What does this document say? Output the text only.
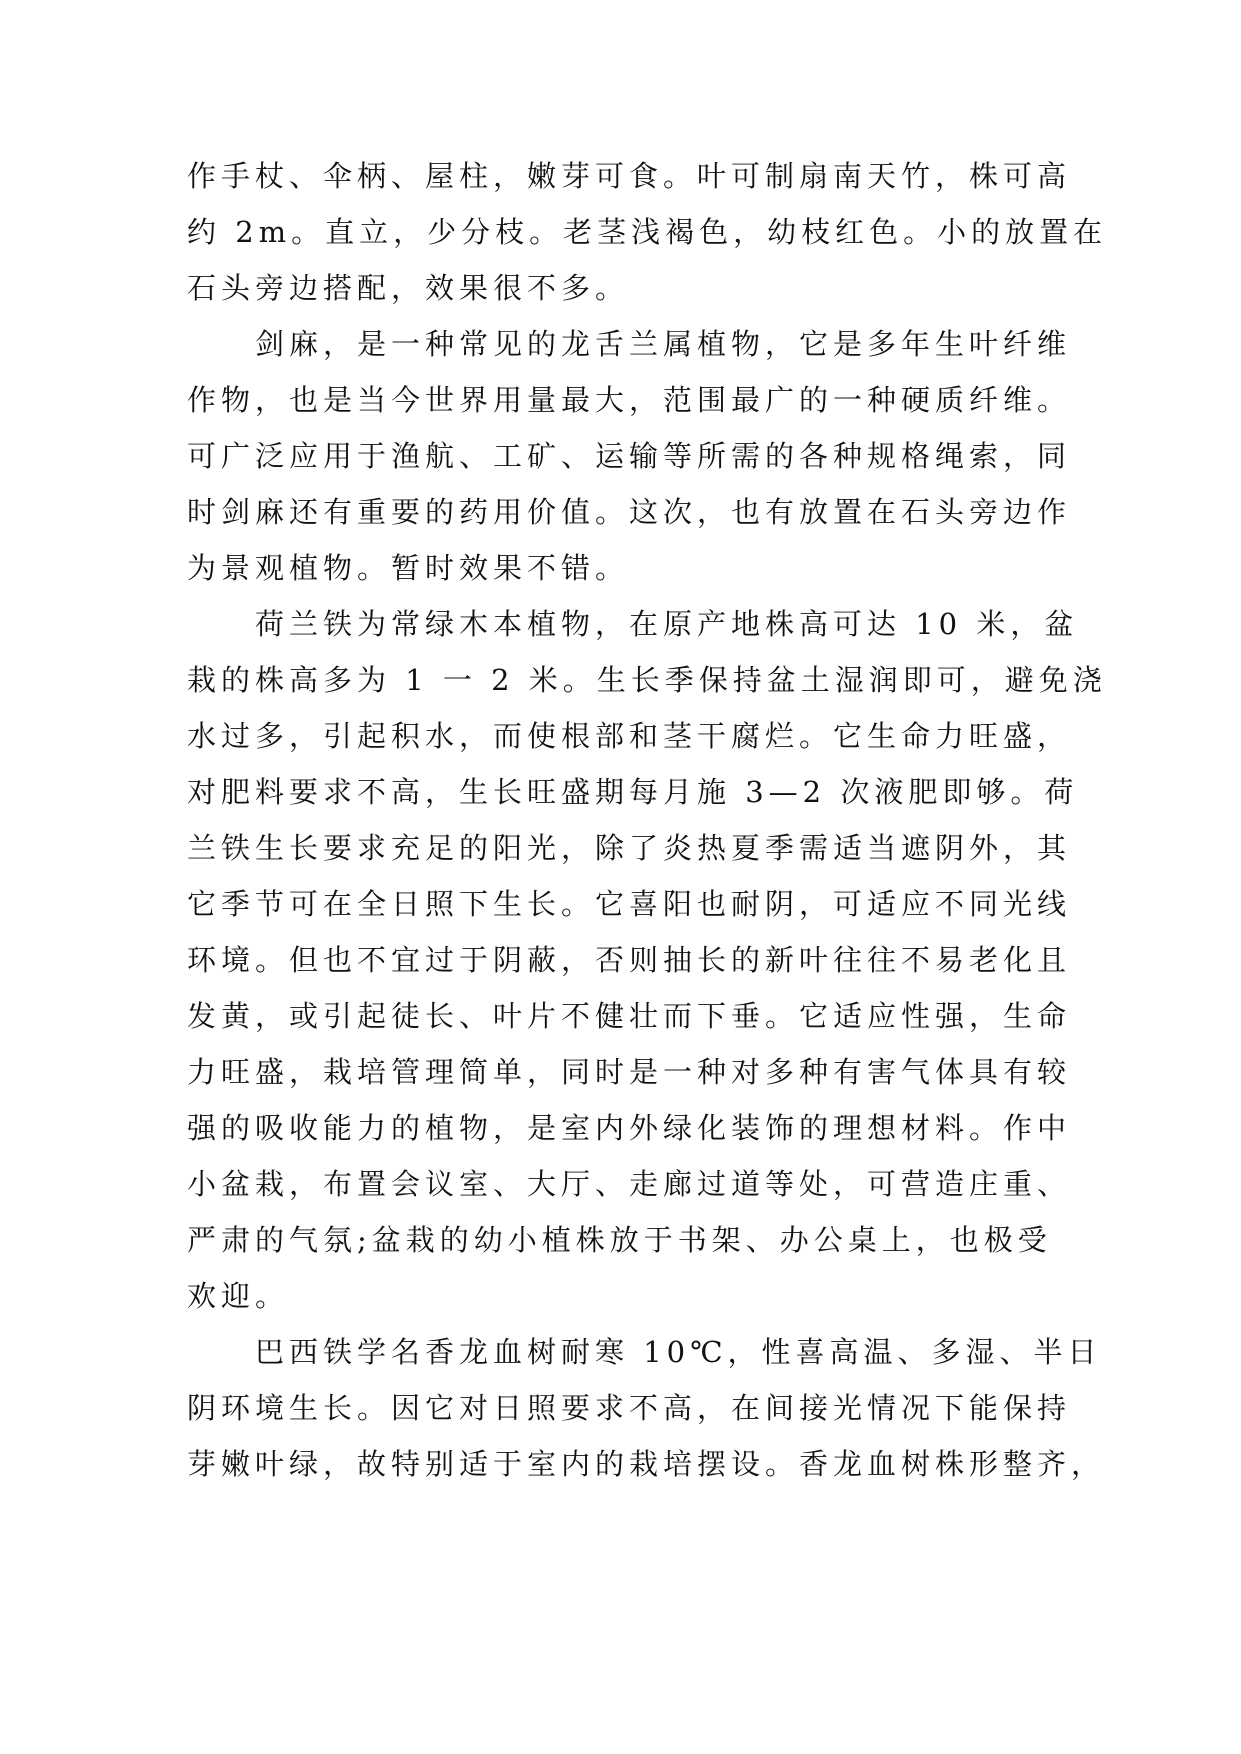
作手杖、伞柄、屋柱，嫩芽可食。叶可制扇南天竹，株可高
约 2m。直立，少分枝。老茎浅褐色，幼枝红色。小的放置在
石头旁边搭配，效果很不多。
剑麻，是一种常见的龙舌兰属植物，它是多年生叶纤维
作物，也是当今世界用量最大，范围最广的一种硬质纤维。
可广泛应用于渔航、工矿、运输等所需的各种规格绳索，同
时剑麻还有重要的药用价值。这次，也有放置在石头旁边作
为景观植物。暂时效果不错。
荷兰铁为常绿木本植物，在原产地株高可达 10 米，盆
栽的株高多为 1 一 2 米。生长季保持盆土湿润即可，避免浇
水过多，引起积水，而使根部和茎干腐烂。它生命力旺盛，
对肥料要求不高，生长旺盛期每月施 3—2 次液肥即够。荷
兰铁生长要求充足的阳光，除了炎热夏季需适当遮阴外，其
它季节可在全日照下生长。它喜阳也耐阴，可适应不同光线
环境。但也不宜过于阴蔽，否则抽长的新叶往往不易老化且
发黄，或引起徒长、叶片不健壮而下垂。它适应性强，生命
力旺盛，栽培管理简单，同时是一种对多种有害气体具有较
强的吸收能力的植物，是室内外绿化装饰的理想材料。作中
小盆栽，布置会议室、大厅、走廊过道等处，可营造庄重、
严肃的气氛;盆栽的幼小植株放于书架、办公桌上，也极受
欢迎。
巴西铁学名香龙血树耐寒 10℃，性喜高温、多湿、半日
阴环境生长。因它对日照要求不高，在间接光情况下能保持
芽嫩叶绿，故特别适于室内的栽培摆设。香龙血树株形整齐，
